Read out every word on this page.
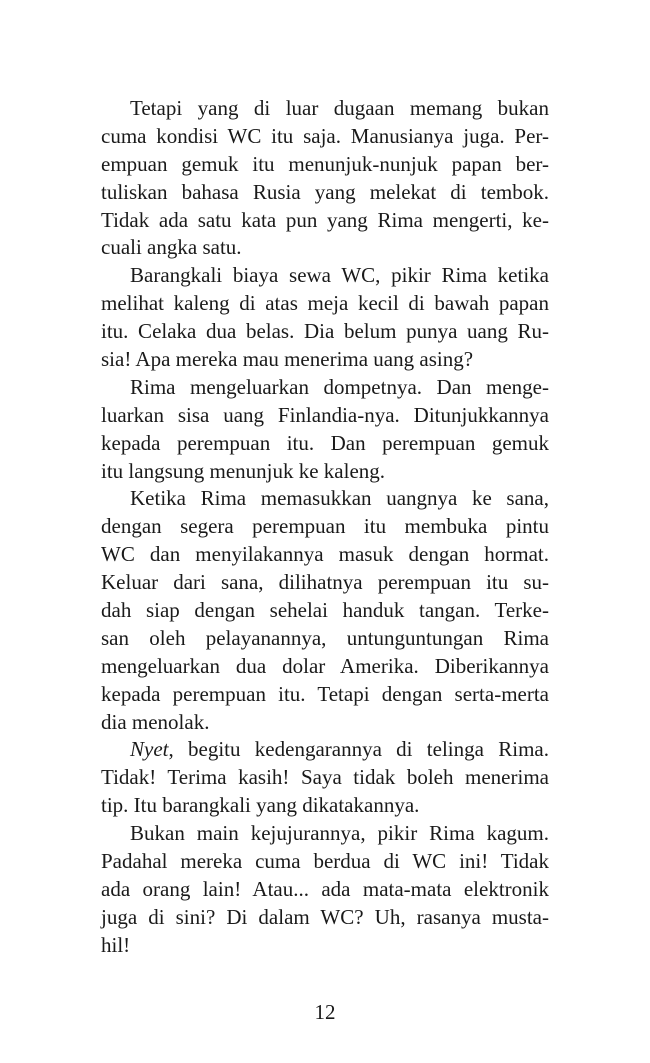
Tetapi yang di luar dugaan memang bukan
cuma kondisi WC itu saja. Manusianya juga. Per-
empuan gemuk itu menunjuk-nunjuk papan ber-
tuliskan bahasa Rusia yang melekat di tembok.
Tidak ada satu kata pun yang Rima mengerti, ke-
cuali angka satu.
Barangkali biaya sewa WC, pikir Rima ketika
melihat kaleng di atas meja kecil di bawah papan
itu. Celaka dua belas. Dia belum punya uang Ru-
sia! Apa mereka mau menerima uang asing?
Rima mengeluarkan dompetnya. Dan menge-
luarkan sisa uang Finlandia-nya. Ditunjukkannya
kepada perempuan itu. Dan perempuan gemuk
itu langsung menunjuk ke kaleng.
Ketika Rima memasukkan uangnya ke sana,
dengan segera perempuan itu membuka pintu
WC dan menyilakannya masuk dengan hormat.
Keluar dari sana, dilihatnya perempuan itu su-
dah siap dengan sehelai handuk tangan. Terke-
san oleh pelayanannya, untunguntungan Rima
mengeluarkan dua dolar Amerika. Diberikannya
kepada perempuan itu. Tetapi dengan serta-merta
dia menolak.
Nyet, begitu kedengarannya di telinga Rima.
Tidak! Terima kasih! Saya tidak boleh menerima
tip. Itu barangkali yang dikatakannya.
Bukan main kejujurannya, pikir Rima kagum.
Padahal mereka cuma berdua di WC ini! Tidak
ada orang lain! Atau... ada mata-mata elektronik
juga di sini? Di dalam WC? Uh, rasanya musta-
hil!
12
